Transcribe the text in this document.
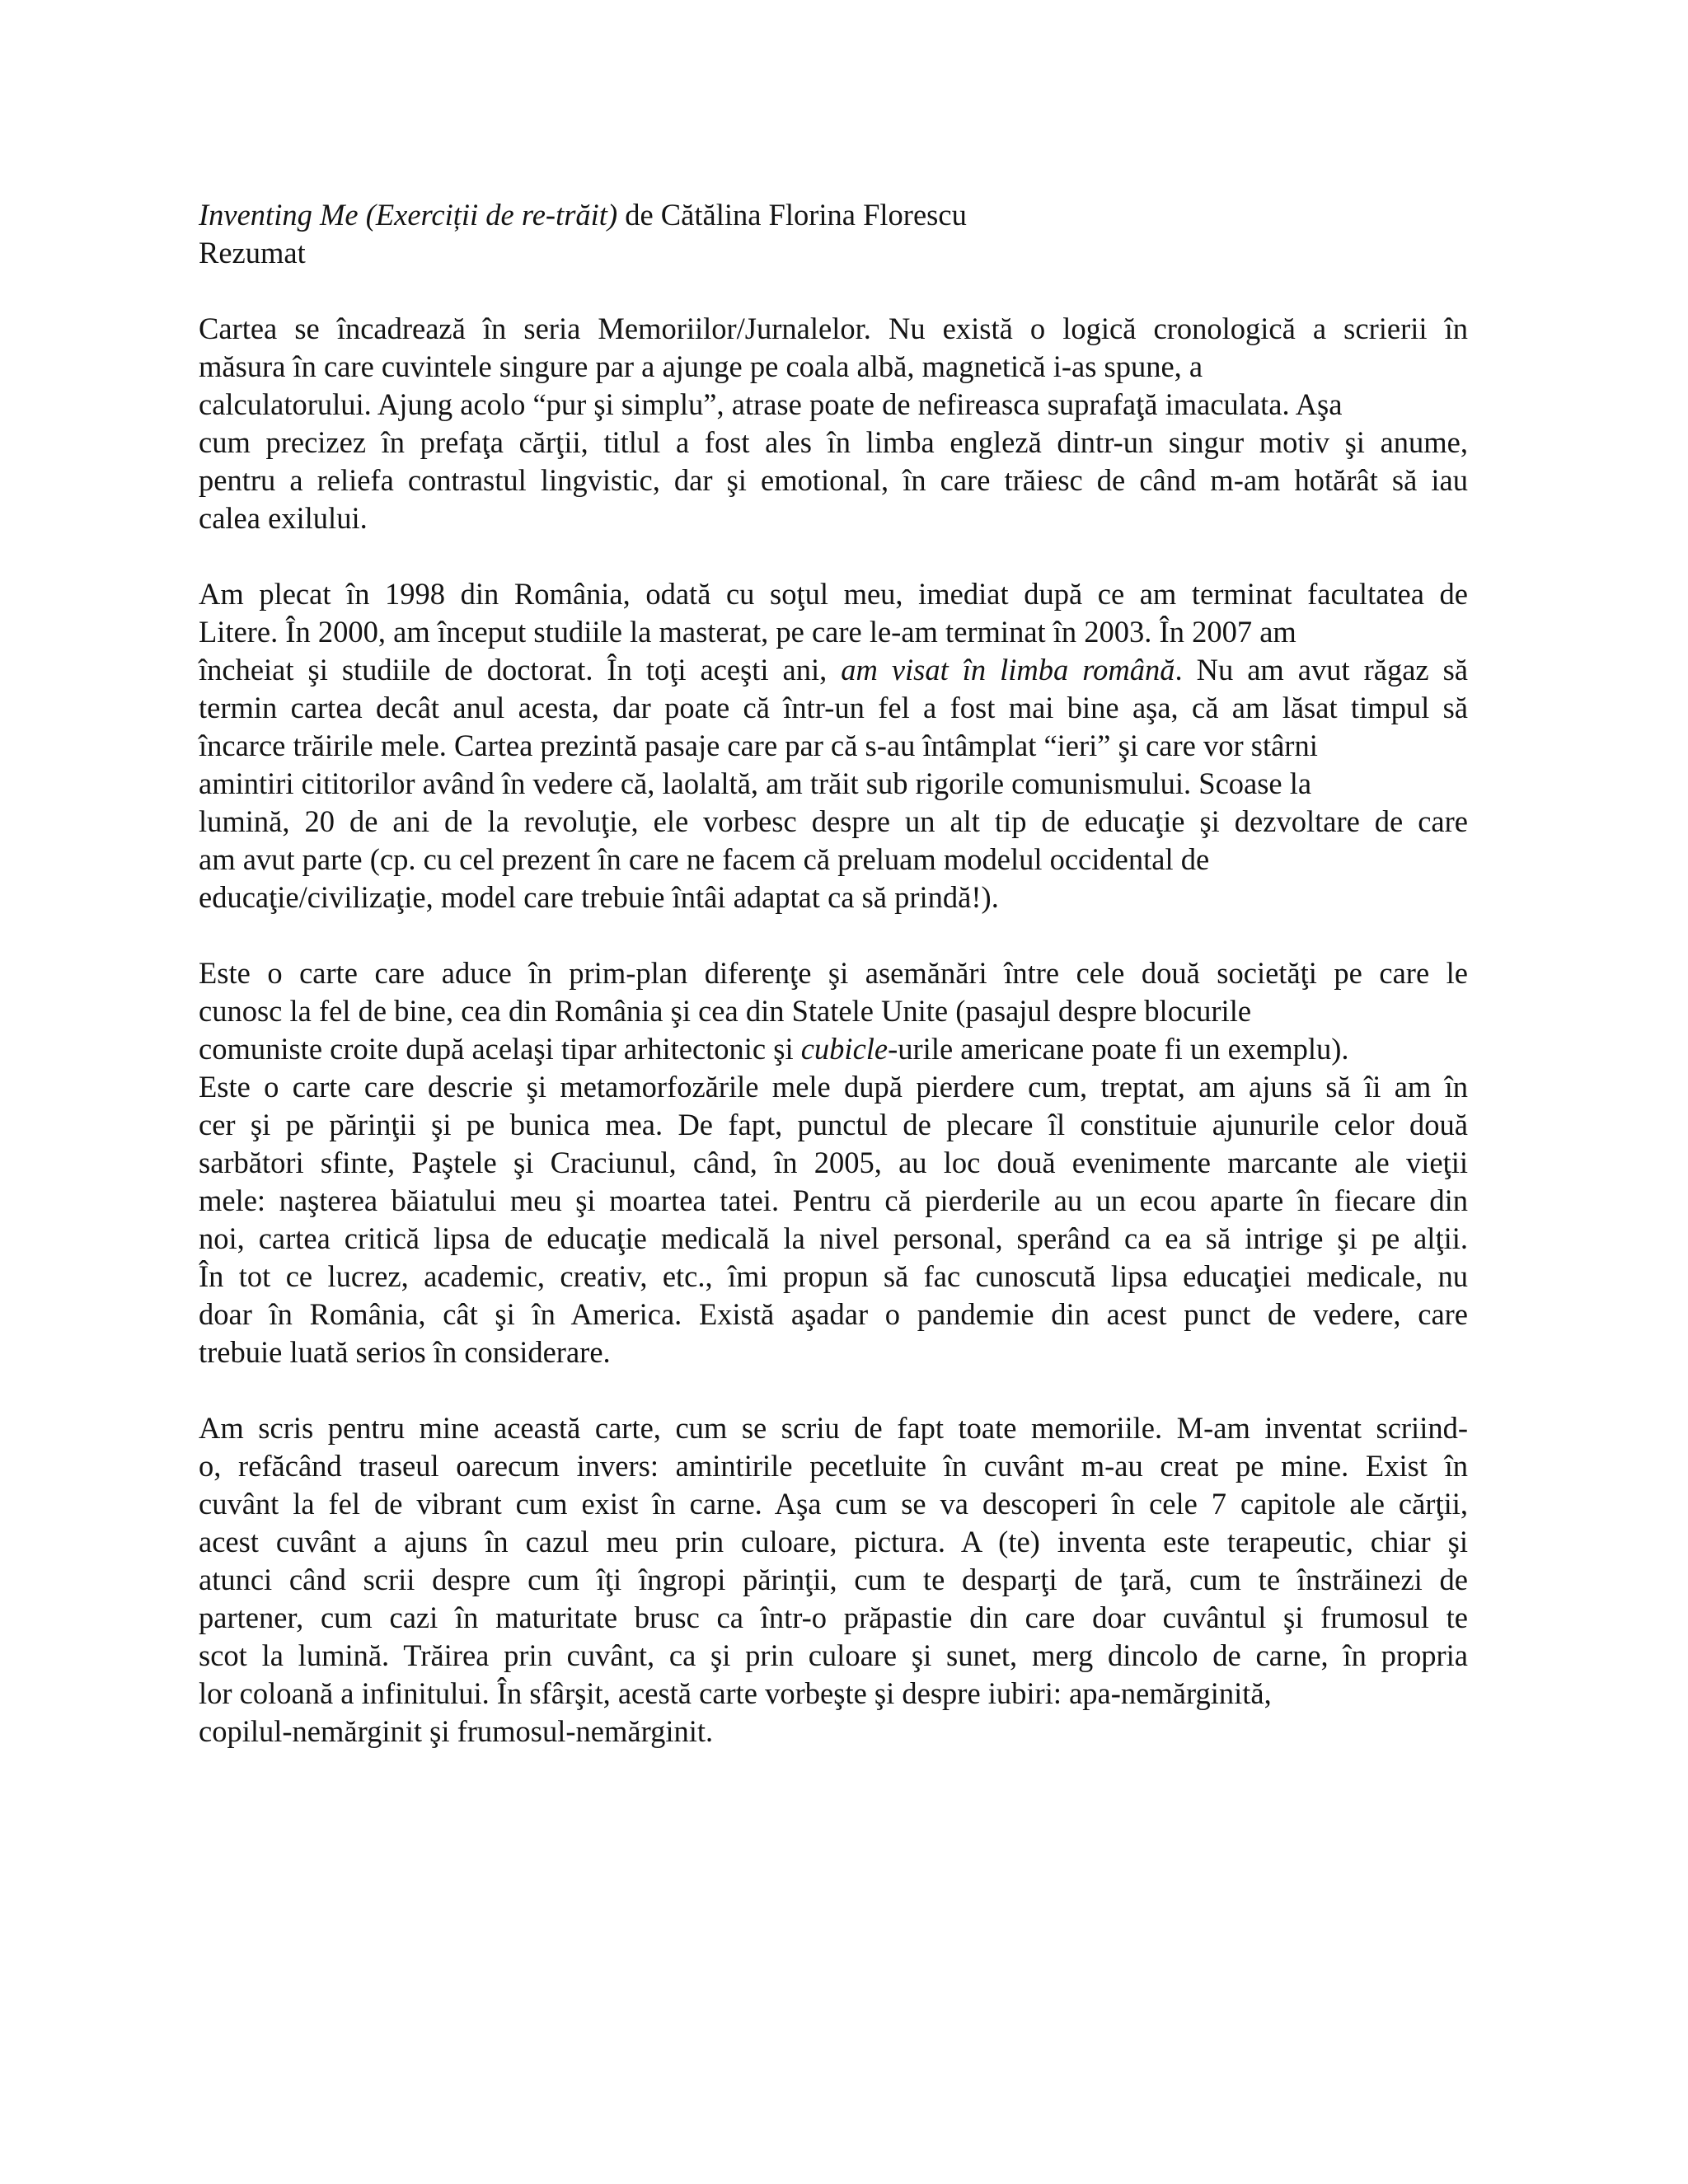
Inventing Me (Exerciții de re-trăit) de Cătălina Florina Florescu

Rezumat

Cartea se încadrează în seria Memoriilor/Jurnalelor. Nu există o logică cronologică a scrierii în
măsura în care cuvintele singure par a ajunge pe coala albă, magnetică i-as spune, a
calculatorului. Ajung acolo “pur şi simplu”, atrase poate de nefireasca suprafaţă imaculata. Aşa
cum precizez în prefaţa cărţii, titlul a fost ales în limba engleză dintr-un singur motiv şi anume,
pentru a reliefa contrastul lingvistic, dar şi emotional, în care trăiesc de când m-am hotărât să iau
calea exilului.
Am plecat în 1998 din România, odată cu soţul meu, imediat după ce am terminat facultatea de
Litere. În 2000, am început studiile la masterat, pe care le-am terminat în 2003. În 2007 am
încheiat şi studiile de doctorat. În toţi aceşti ani, am visat în limba română. Nu am avut răgaz să
termin cartea decât anul acesta, dar poate că într-un fel a fost mai bine aşa, că am lăsat timpul să
încarce trăirile mele. Cartea prezintă pasaje care par că s-au întâmplat “ieri” şi care vor stârni
amintiri cititorilor având în vedere că, laolaltă, am trăit sub rigorile comunismului. Scoase la
lumină, 20 de ani de la revoluţie, ele vorbesc despre un alt tip de educaţie şi dezvoltare de care
am avut parte (cp. cu cel prezent în care ne facem că preluam modelul occidental de
educaţie/civilizaţie, model care trebuie întâi adaptat ca să prindă!).
Este o carte care aduce în prim-plan diferenţe şi asemănări între cele două societăţi pe care le
cunosc la fel de bine, cea din România şi cea din Statele Unite (pasajul despre blocurile
comuniste croite după acelaşi tipar arhitectonic şi cubicle-urile americane poate fi un exemplu).
Este o carte care descrie şi metamorfozările mele după pierdere cum, treptat, am ajuns să îi am în
cer şi pe părinţii şi pe bunica mea. De fapt, punctul de plecare îl constituie ajunurile celor două
sarbători sfinte, Paştele şi Craciunul, când, în 2005, au loc două evenimente marcante ale vieţii
mele: naşterea băiatului meu şi moartea tatei. Pentru că pierderile au un ecou aparte în fiecare din
noi, cartea critică lipsa de educaţie medicală la nivel personal, sperând ca ea să intrige şi pe alţii.
În tot ce lucrez, academic, creativ, etc., îmi propun să fac cunoscută lipsa educaţiei medicale, nu
doar în România, cât şi în America. Există aşadar o pandemie din acest punct de vedere, care
trebuie luată serios în considerare.
Am scris pentru mine această carte, cum se scriu de fapt toate memoriile. M-am inventat scriind-
o, refăcând traseul oarecum invers: amintirile pecetluite în cuvânt m-au creat pe mine. Exist în
cuvânt la fel de vibrant cum exist în carne. Aşa cum se va descoperi în cele 7 capitole ale cărţii,
acest cuvânt a ajuns în cazul meu prin culoare, pictura. A (te) inventa este terapeutic, chiar şi
atunci când scrii despre cum îţi îngropi părinţii, cum te desparţi de ţară, cum te înstrăinezi de
partener, cum cazi în maturitate brusc ca într-o prăpastie din care doar cuvântul şi frumosul te
scot la lumină. Trăirea prin cuvânt, ca şi prin culoare şi sunet, merg dincolo de carne, în propria
lor coloană a infinitului. În sfârşit, acestă carte vorbeşte şi despre iubiri: apa-nemărginită,
copilul-nemărginit şi frumosul-nemărginit.
